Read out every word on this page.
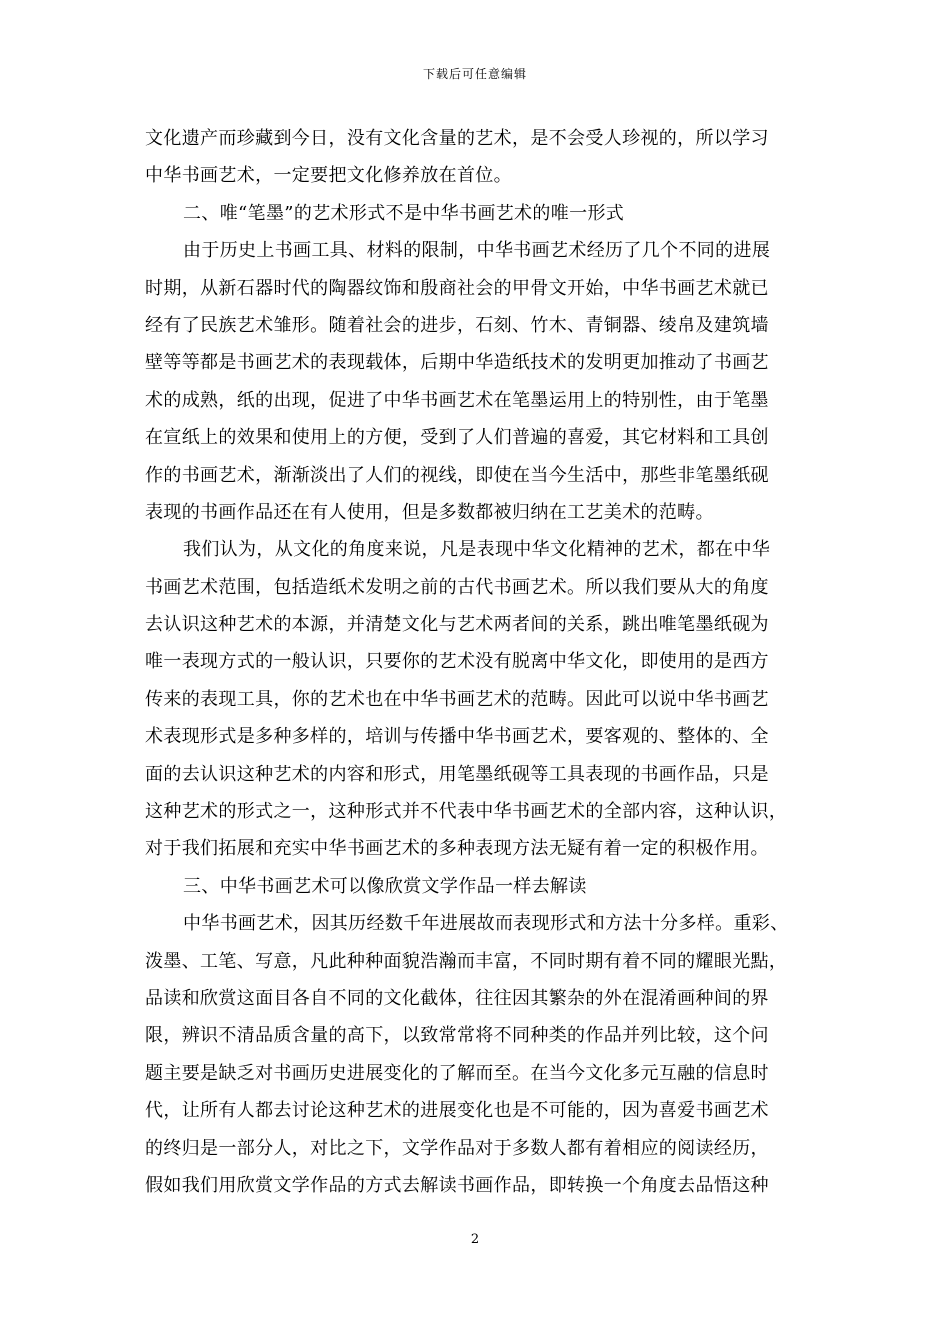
下载后可任意编辑
文化遗产而珍藏到今日，没有文化含量的艺术，是不会受人珍视的，所以学习
中华书画艺术，一定要把文化修养放在首位。
二、唯“笔墨”的艺术形式不是中华书画艺术的唯一形式
由于历史上书画工具、材料的限制，中华书画艺术经历了几个不同的进展
时期，从新石器时代的陶器纹饰和殷商社会的甲骨文开始，中华书画艺术就已
经有了民族艺术雏形。随着社会的进步，石刻、竹木、青铜器、绫帛及建筑墙
壁等等都是书画艺术的表现载体，后期中华造纸技术的发明更加推动了书画艺
术的成熟，纸的出现，促进了中华书画艺术在笔墨运用上的特别性，由于笔墨
在宣纸上的效果和使用上的方便，受到了人们普遍的喜爱，其它材料和工具创
作的书画艺术，渐渐淡出了人们的视线，即使在当今生活中，那些非笔墨纸砚
表现的书画作品还在有人使用，但是多数都被归纳在工艺美术的范畴。
我们认为，从文化的角度来说，凡是表现中华文化精神的艺术，都在中华
书画艺术范围，包括造纸术发明之前的古代书画艺术。所以我们要从大的角度
去认识这种艺术的本源，并清楚文化与艺术两者间的关系，跳出唯笔墨纸砚为
唯一表现方式的一般认识，只要你的艺术没有脱离中华文化，即使用的是西方
传来的表现工具，你的艺术也在中华书画艺术的范畴。因此可以说中华书画艺
术表现形式是多种多样的，培训与传播中华书画艺术，要客观的、整体的、全
面的去认识这种艺术的内容和形式，用笔墨纸砚等工具表现的书画作品，只是
这种艺术的形式之一，这种形式并不代表中华书画艺术的全部内容，这种认识，
对于我们拓展和充实中华书画艺术的多种表现方法无疑有着一定的积极作用。
三、中华书画艺术可以像欣赏文学作品一样去解读
中华书画艺术，因其历经数千年进展故而表现形式和方法十分多样。重彩、
泼墨、工笔、写意，凡此种种面貌浩瀚而丰富，不同时期有着不同的耀眼光點，
品读和欣赏这面目各自不同的文化截体，往往因其繁杂的外在混淆画种间的界
限，辨识不清品质含量的高下，以致常常将不同种类的作品并列比较，这个问
题主要是缺乏对书画历史进展变化的了解而至。在当今文化多元互融的信息时
代，让所有人都去讨论这种艺术的进展变化也是不可能的，因为喜爱书画艺术
的终归是一部分人，对比之下，文学作品对于多数人都有着相应的阅读经历，
假如我们用欣赏文学作品的方式去解读书画作品，即转换一个角度去品悟这种
2
